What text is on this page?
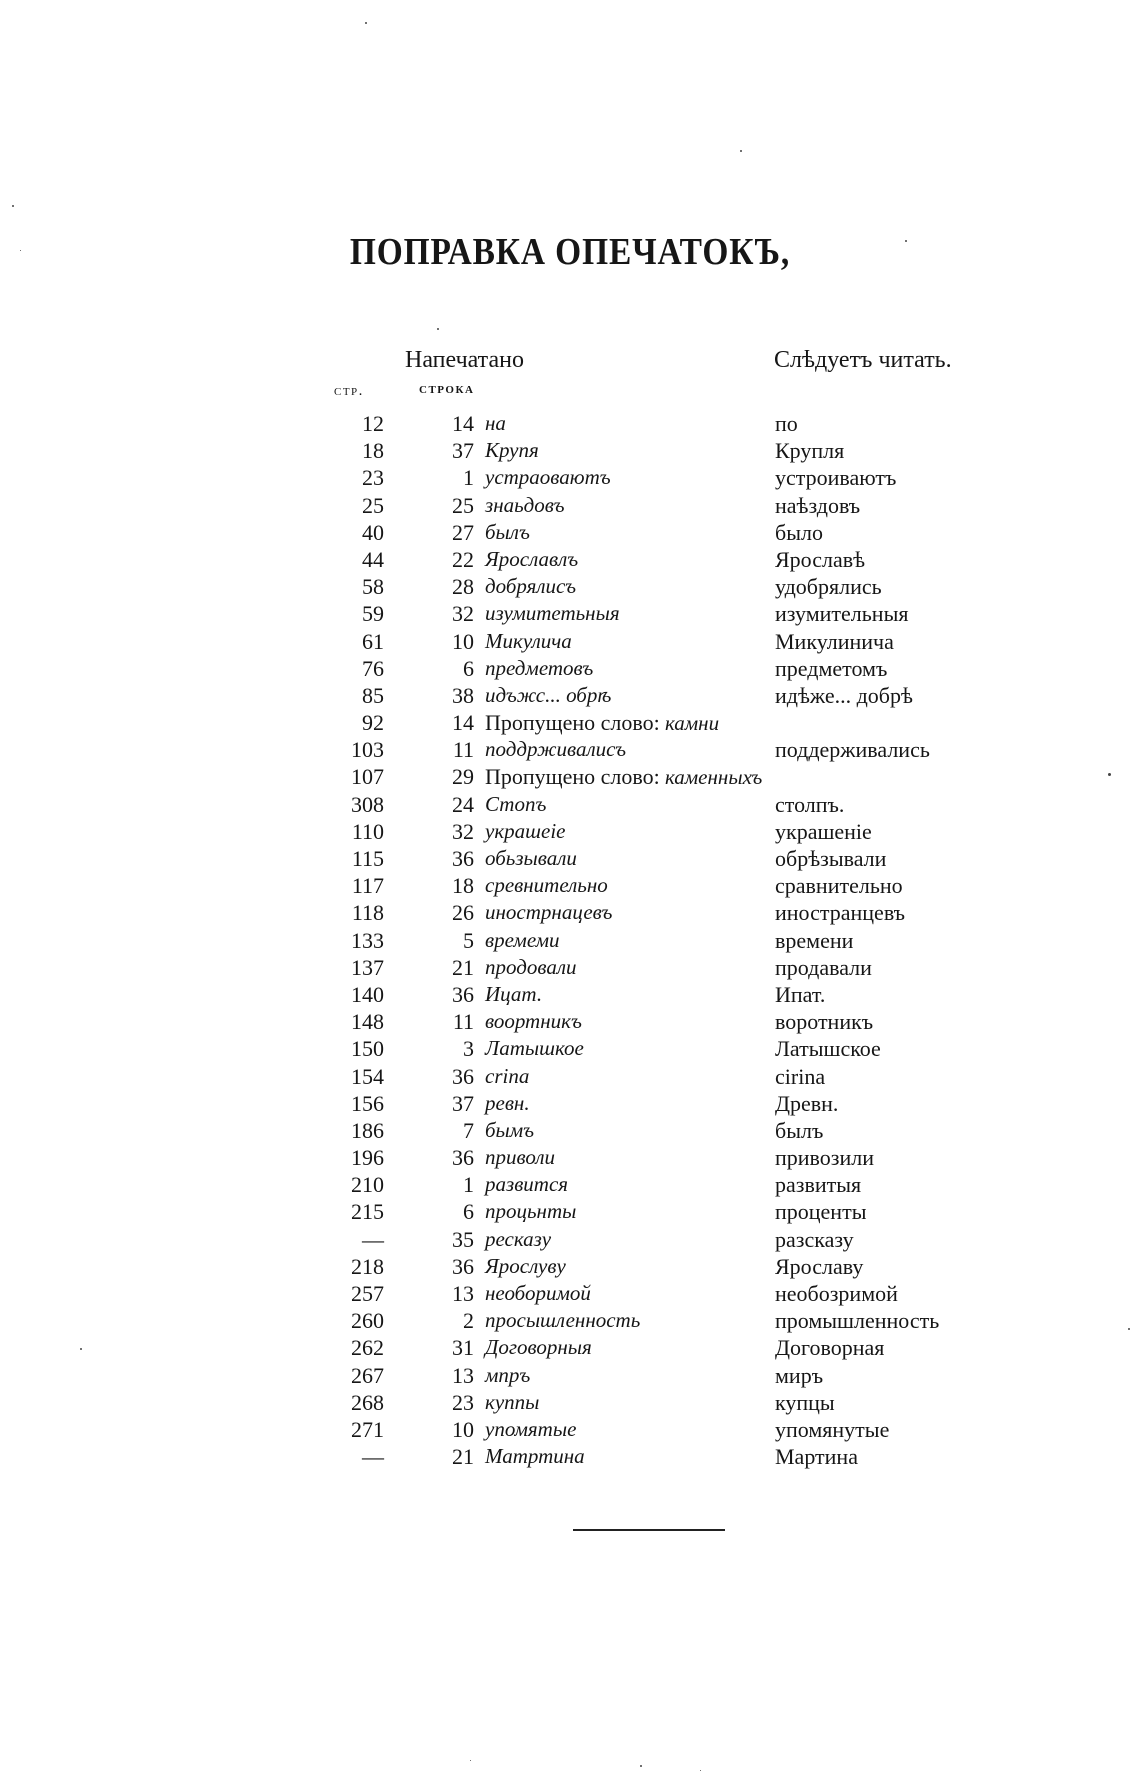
ПОПРАВКА ОПЕЧАТОКЪ,
Напечатано	Слѣдуетъ читать.
стр.	строка
12	14 на	по
18	37 Крупя	Крупля
23	1 устраоваютъ	устроиваютъ
25	25 знаьдовъ	наѣздовъ
40	27 былъ	было
44	22 Ярославлъ	Ярославѣ
58	28 добрялисъ	удобрялись
59	32 изумитетьныя	изумительныя
61	10 Микулича	Микулинича
76	6 предметовъ	предметомъ
85	38 идъжс... обрѣ	идѣже... добрѣ
92	14 Пропущено слово: камни
103	11 поддрживалисъ	поддерживались
107	29 Пропущено слово: каменныхъ
308	24 Стопъ	столпъ.
110	32 украшеiе	украшенiе
115	36 обьзывали	обрѣзывали
117	18 сревнительно	сравнительно
118	26 инострнацевъ	иностранцевъ
133	5 времеми	времени
137	21 продовали	продавали
140	36 Ицат.	Ипат.
148	11 воортникъ	воротникъ
150	3 Латышкое	Латышское
154	36 crina	cirina
156	37 ревн.	Древн.
186	7 бымъ	былъ
196	36 приволи	привозили
210	1 развится	развитыя
215	6 процьнты	проценты
—	35 ресказу	разсказу
218	36 Ярослуву	Ярославу
257	13 необоримой	необозримой
260	2 просышленность	промышленность
262	31 Договорныя	Договорная
267	13 мпръ	миръ
268	23 куппы	купцы
271	10 упомятые	упомянутые
—	21 Матртина	Мартина
